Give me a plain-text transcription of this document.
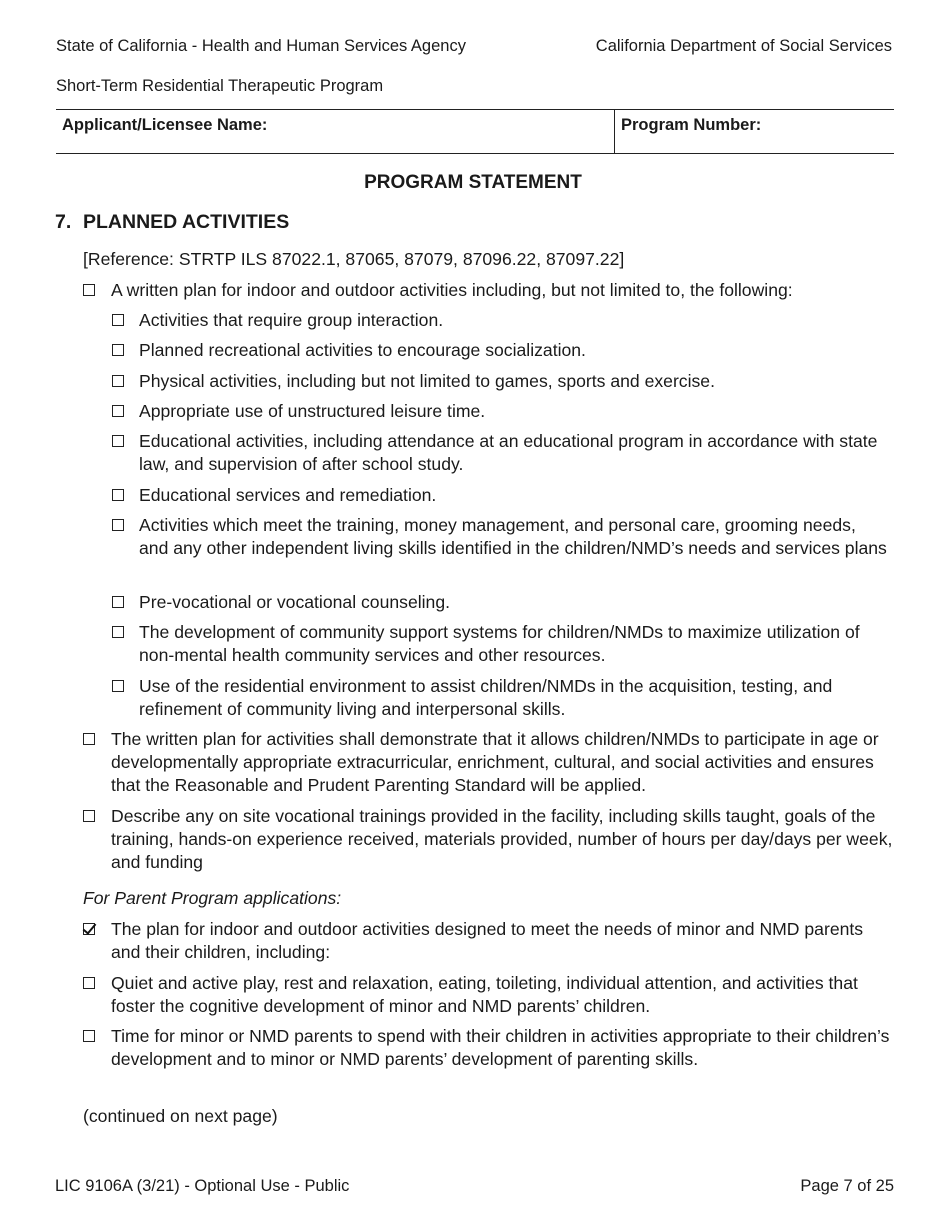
State of California - Health and Human Services Agency	California Department of Social Services
Short-Term Residential Therapeutic Program
Applicant/Licensee Name:	Program Number:
PROGRAM STATEMENT
7. PLANNED ACTIVITIES
[Reference: STRTP ILS 87022.1, 87065, 87079, 87096.22, 87097.22]
A written plan for indoor and outdoor activities including, but not limited to, the following:
Activities that require group interaction.
Planned recreational activities to encourage socialization.
Physical activities, including but not limited to games, sports and exercise.
Appropriate use of unstructured leisure time.
Educational activities, including attendance at an educational program in accordance with state law, and supervision of after school study.
Educational services and remediation.
Activities which meet the training, money management, and personal care, grooming needs, and any other independent living skills identified in the children/NMD’s needs and services plans
Pre-vocational or vocational counseling.
The development of community support systems for children/NMDs to maximize utilization of non-mental health community services and other resources.
Use of the residential environment to assist children/NMDs in the acquisition, testing, and refinement of community living and interpersonal skills.
The written plan for activities shall demonstrate that it allows children/NMDs to participate in age or developmentally appropriate extracurricular, enrichment, cultural, and social activities and ensures that the Reasonable and Prudent Parenting Standard will be applied.
Describe any on site vocational trainings provided in the facility, including skills taught, goals of the training, hands-on experience received, materials provided, number of hours per day/days per week, and funding
For Parent Program applications:
The plan for indoor and outdoor activities designed to meet the needs of minor and NMD parents and their children, including:
Quiet and active play, rest and relaxation, eating, toileting, individual attention, and activities that foster the cognitive development of minor and NMD parents’ children.
Time for minor or NMD parents to spend with their children in activities appropriate to their children’s development and to minor or NMD parents’ development of parenting skills.
(continued on next page)
LIC 9106A (3/21) - Optional Use - Public	Page 7 of 25
